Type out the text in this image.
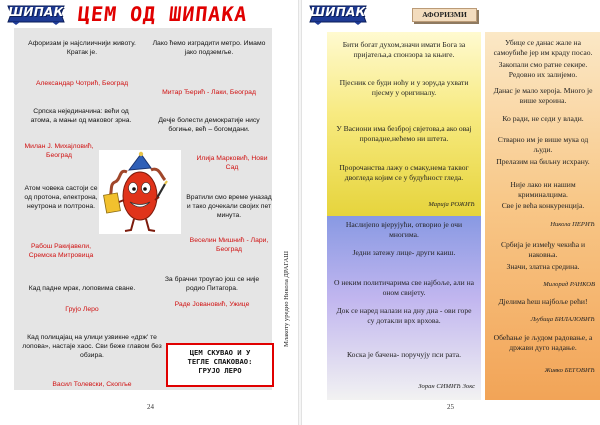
ШИПАК ЦЕМ ОД ШИПАКА
Афоризам је најслиичнији животу. Кратак је.
Александар Чотрић, Београд
Лако ћемо изградити метро. Имамо јако подземље.
Митар Ђерић - Лаки, Београд
Српска нејединачина: већи од атома, а мањи од маковог зрна.
Милан Ј. Михајловић, Београд
Дечје болести демократије нису богиње, већ – богомдани.
Илија Марковић, Нови Сад
Атом човека састоји се од протона, електрона, неутрона и полтрона.
Рабош Ракијавели, Сремска Митровица
Вратили смо време уназад и тако дочекали својих пет минута.
Веселин Мишнић - Лари, Београд
Кад падне мрак, лоповима сване.
Грујо Леро
За брачни троугао још се није родио Питагора.
Раде Јовановић, Ужице
Кад полицајац на улици узвикне «држ' те лопова», настаје хаос. Сви беже главом без обзира.
Васил Толевски, Скопље
ЦЕМ СКУВАО И У
ТЕГЛЕ СПАКОВАО:
ГРУЈО ЛЕРО
Млакоту уредио Никола ДРАГАШ
24
ШИПАК	АФОРИЗМИ
Бити богат духом,значи имати Бога за пријатеља,а спонзора за књиге.
Пјесник се буди ноћу и у зору,да ухвати пјесму у оригиналу.
У Васиони има безброј свјетова,а ако овај пропадне,нећемо ни штета.
Пророчанства лажу о смаку,нема таквог двогледа којим се у будућност гледа.
Марија РОЖИЋ
Наслијепо вјерујући, отворио је очи многима.
Једни затежу лице- други каиш.
О неким политичарима све најбоље, али на оном свијету.
Док се наред налази на дну дна - ови горе су дотакли врх врхова.
Коска је бачена- поручују пси рата.
Зоран СИМИЋ Зокс
Убице се данас жале на самоубиће јер им краду посао.
Закопали смо ратне секире. Редовно их залијемо.
Данас је мало хероја. Много је више хероина.
Ко ради, не седи у влади.
Стварно им је више мука од људи.
Прелазим на биљну исхрану.
Није лако ни нашим криминалцима.
Све је већа конкуренција.
Никола ПЕРИЋ
Србија је између чекића и наковња.
Значи, златна средина.
Милорад РАНКОВ
Дјелима ћеш најбоље рећи!
Љубица БИЛАЛОВИЋ
Обећање је људом радовање, а држави дуго надање.
Живко БЕГОВИЋ
25
